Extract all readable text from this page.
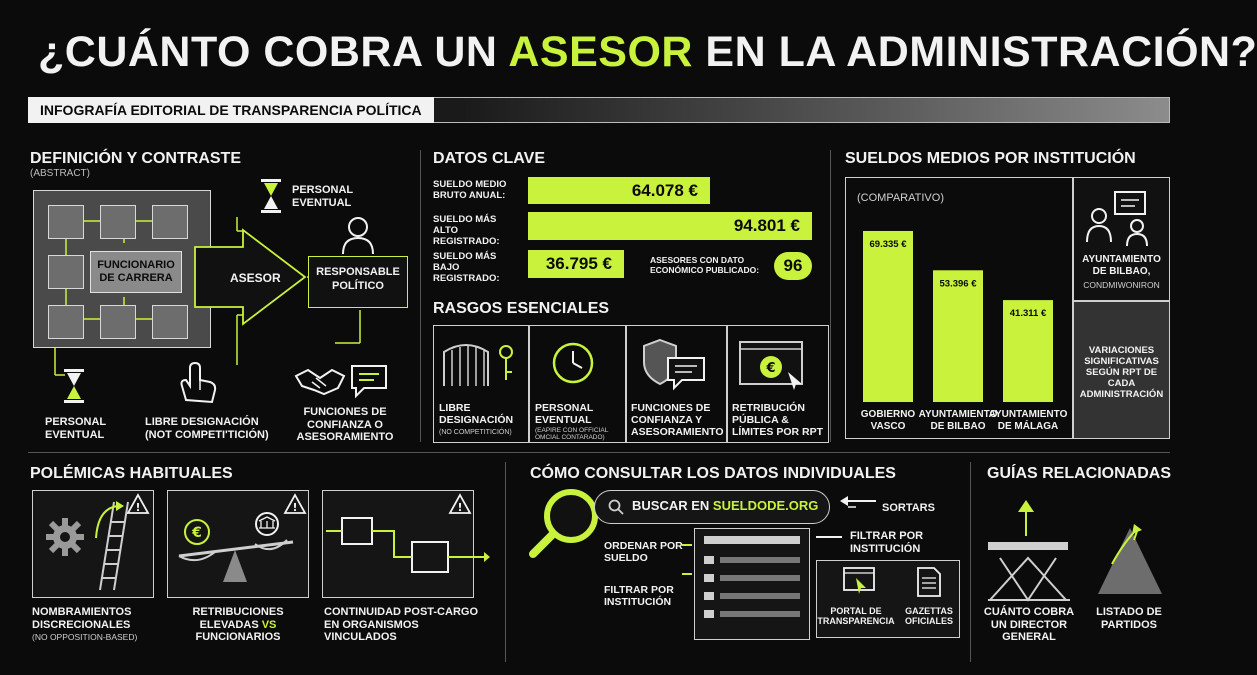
¿CUÁNTO COBRA UN ASESOR EN LA ADMINISTRACIÓN?
INFOGRAFÍA EDITORIAL DE TRANSPARENCIA POLÍTICA
DEFINICIÓN Y CONTRASTE
(ABSTRACT)
FUNCIONARIO DE CARRERA	ASESOR
PERSONAL EVENTUAL
RESPONSABLE POLÍTICO
PERSONAL EVENTUAL
LIBRE DESIGNACIÓN
(NOT COMPETI'TICIÓN)
FUNCIONES DE CONFIANZA O ASESORAMIENTO
DATOS CLAVE
SUELDO MEDIO BRUTO ANUAL:	64.078 €
SUELDO MÁS ALTO REGISTRADO:
94.801 €
SUELDO MÁS BAJO REGISTRADO:
36.795 €	ASESORES CON DATO ECONÓMICO PUBLICADO:	96
RASGOS ESENCIALES
LIBRE DESIGNACIÓN
(NO COMPETITICIÓN)
PERSONAL EVENTUAL
(EAPIRE CON OFFICIAL OMCIAL CONTARADO)
FUNCIONES DE CONFIANZA Y ASESORAMIENTO
€
RETRIBUCIÓN PÚBLICA & LÍMITES POR RPT
SUELDOS MEDIOS POR INSTITUCIÓN
(COMPARATIVO)
69.335 €
GOBIERNO
VASCO
53.396 €
AYUNTAMIENTO
DE BILBAO
41.311 €
AYUNTAMIENTO
DE MÁLAGA
AYUNTAMIENTO DE BILBAO,
CONDMIWONIRON
VARIACIONES SIGNIFICATIVAS SEGÚN RPT DE CADA ADMINISTRACIÓN
POLÉMICAS HABITUALES
!
NOMBRAMIENTOS DISCRECIONALES
(NO OPPOSITION-BASED)
€
!
RETRIBUCIONES ELEVADAS VS FUNCIONARIOS
!
CONTINUIDAD POST-CARGO EN ORGANISMOS VINCULADOS
CÓMO CONSULTAR LOS DATOS INDIVIDUALES
BUSCAR EN SUELDODE.ORG	SORTARS
ORDENAR POR SUELDO
FILTRAR POR INSTITUCIÓN
FILTRAR POR INSTITUCIÓN
PORTAL DE TRANSPARENCIA
GAZETTAS OFICIALES
GUÍAS RELACIONADAS
CUÁNTO COBRA UN DIRECTOR GENERAL
LISTADO DE PARTIDOS
